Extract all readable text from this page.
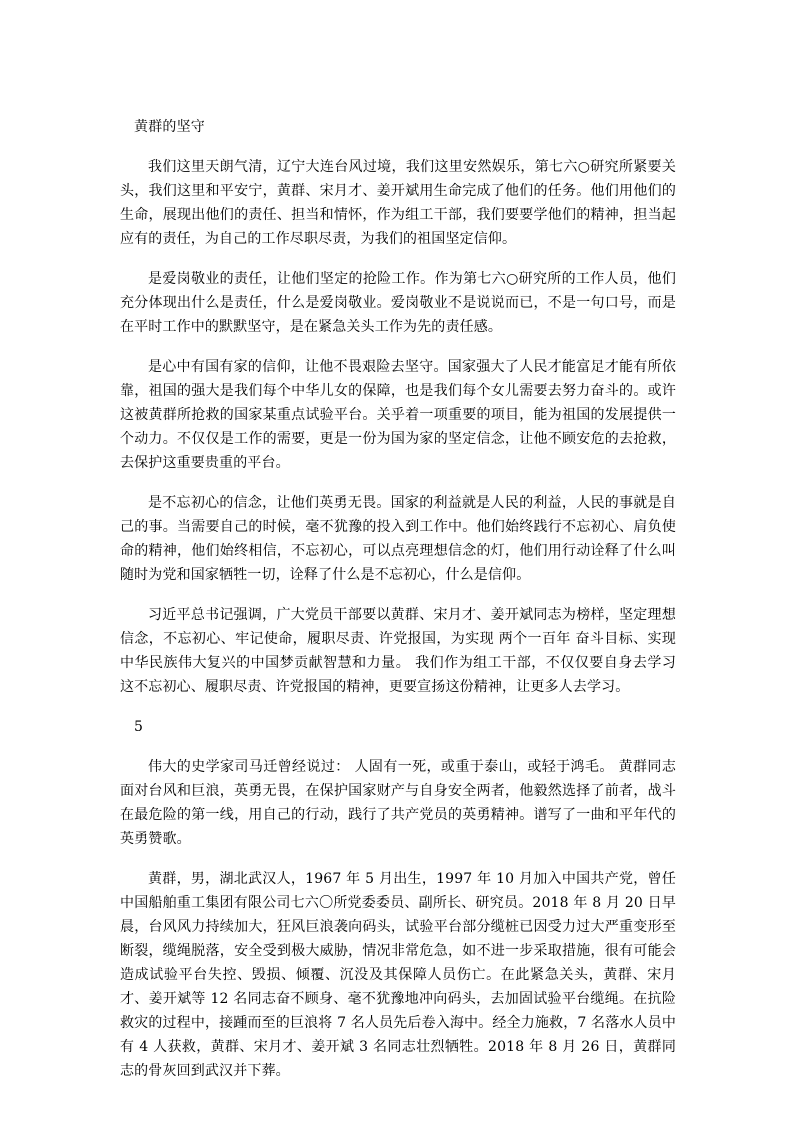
黄群的坚守

我们这里天朗气清，辽宁大连台风过境，我们这里安然娱乐，第七六○研究所紧要关头，我们这里和平安宁，黄群、宋月才、姜开斌用生命完成了他们的任务。他们用他们的生命，展现出他们的责任、担当和情怀，作为组工干部，我们要要学他们的精神，担当起应有的责任，为自己的工作尽职尽责，为我们的祖国坚定信仰。

是爱岗敬业的责任，让他们坚定的抢险工作。作为第七六○研究所的工作人员，他们充分体现出什么是责任，什么是爱岗敬业。爱岗敬业不是说说而已，不是一句口号，而是在平时工作中的默默坚守，是在紧急关头工作为先的责任感。

是心中有国有家的信仰，让他不畏艰险去坚守。国家强大了人民才能富足才能有所依靠，祖国的强大是我们每个中华儿女的保障，也是我们每个女儿需要去努力奋斗的。或许这被黄群所抢救的国家某重点试验平台。关乎着一项重要的项目，能为祖国的发展提供一个动力。不仅仅是工作的需要，更是一份为国为家的坚定信念，让他不顾安危的去抢救，去保护这重要贵重的平台。

是不忘初心的信念，让他们英勇无畏。国家的利益就是人民的利益，人民的事就是自己的事。当需要自己的时候，毫不犹豫的投入到工作中。他们始终践行不忘初心、肩负使命的精神，他们始终相信，不忘初心，可以点亮理想信念的灯，他们用行动诠释了什么叫随时为党和国家牺牲一切，诠释了什么是不忘初心，什么是信仰。

习近平总书记强调，广大党员干部要以黄群、宋月才、姜开斌同志为榜样，坚定理想信念，不忘初心、牢记使命，履职尽责、许党报国，为实现 两个一百年 奋斗目标、实现中华民族伟大复兴的中国梦贡献智慧和力量。 我们作为组工干部，不仅仅要自身去学习这不忘初心、履职尽责、许党报国的精神，更要宣扬这份精神，让更多人去学习。

5

伟大的史学家司马迁曾经说过： 人固有一死，或重于泰山，或轻于鸿毛。 黄群同志面对台风和巨浪，英勇无畏，在保护国家财产与自身安全两者，他毅然选择了前者，战斗在最危险的第一线，用自己的行动，践行了共产党员的英勇精神。谱写了一曲和平年代的英勇赞歌。

黄群，男，湖北武汉人，1967 年 5 月出生，1997 年 10 月加入中国共产党，曾任中国船舶重工集团有限公司七六〇所党委委员、副所长、研究员。2018 年 8 月 20 日早晨，台风风力持续加大，狂风巨浪袭向码头，试验平台部分缆桩已因受力过大严重变形至断裂，缆绳脱落，安全受到极大威胁，情况非常危急，如不进一步采取措施，很有可能会造成试验平台失控、毁损、倾覆、沉没及其保障人员伤亡。在此紧急关头，黄群、宋月才、姜开斌等 12 名同志奋不顾身、毫不犹豫地冲向码头，去加固试验平台缆绳。在抗险救灾的过程中，接踵而至的巨浪将 7 名人员先后卷入海中。经全力施救，7 名落水人员中有 4 人获救，黄群、宋月才、姜开斌 3 名同志壮烈牺牲。2018 年 8 月 26 日，黄群同志的骨灰回到武汉并下葬。
